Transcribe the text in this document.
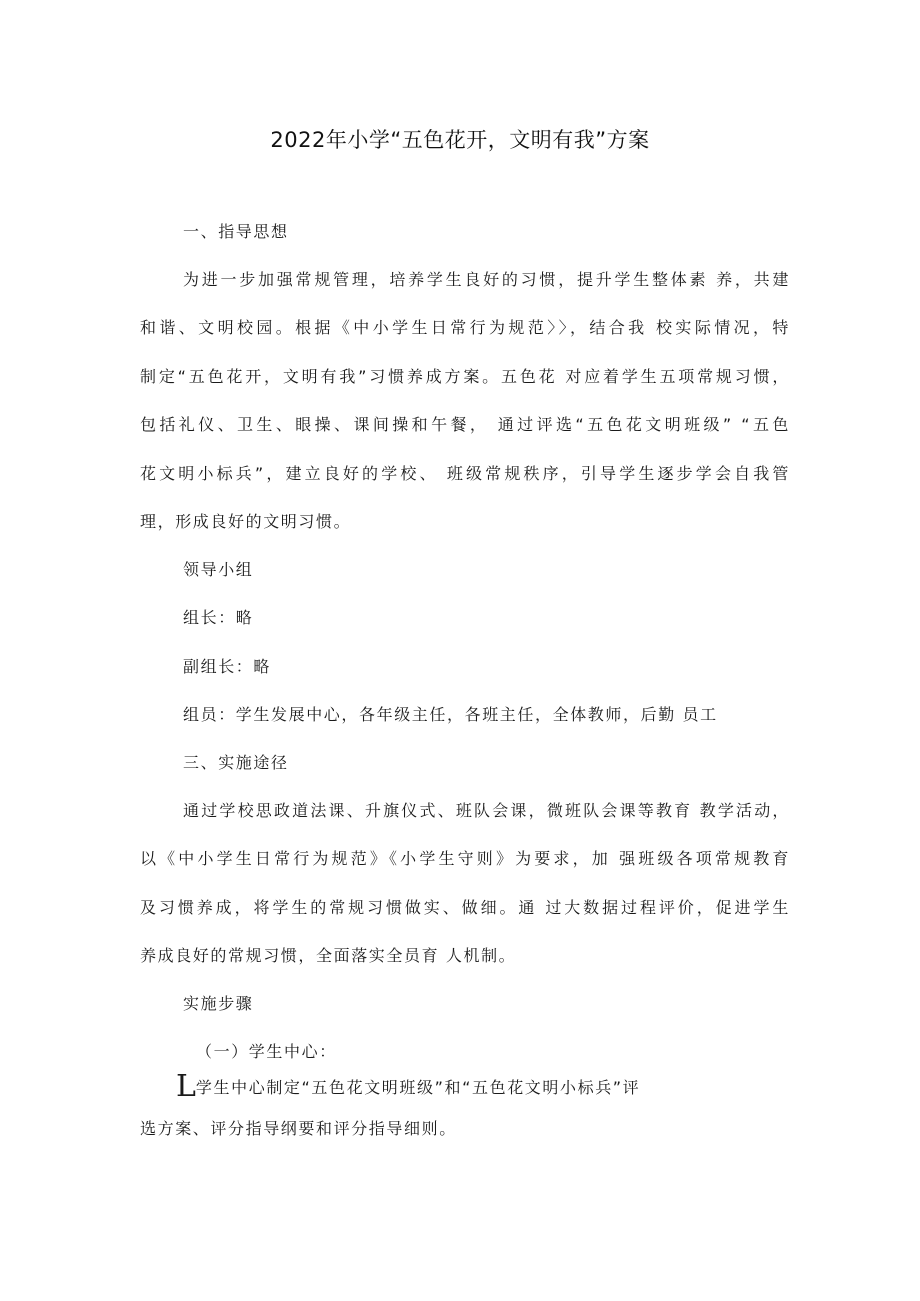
2022年小学“五色花开，文明有我”方案
一、指导思想
为进一步加强常规管理，培养学生良好的习惯，提升学生整体素 养，共建
和谐、文明校园。根据《中小学生日常行为规范〉〉，结合我 校实际情况，特
制定“五色花开，文明有我”习惯养成方案。五色花 对应着学生五项常规习惯，
包括礼仪、卫生、眼操、课间操和午餐， 通过评选“五色花文明班级” “五色
花文明小标兵”，建立良好的学校、 班级常规秩序，引导学生逐步学会自我管
理，形成良好的文明习惯。
领导小组
组长：略
副组长：略
组员：学生发展中心，各年级主任，各班主任，全体教师，后勤 员工
三、实施途径
通过学校思政道法课、升旗仪式、班队会课，微班队会课等教育 教学活动，
以《中小学生日常行为规范》《小学生守则》为要求，加 强班级各项常规教育
及习惯养成，将学生的常规习惯做实、做细。通 过大数据过程评价，促进学生
养成良好的常规习惯，全面落实全员育 人机制。
实施步骤
（一）学生中心：
L学生中心制定“五色花文明班级”和“五色花文明小标兵”评
选方案、评分指导纲要和评分指导细则。
